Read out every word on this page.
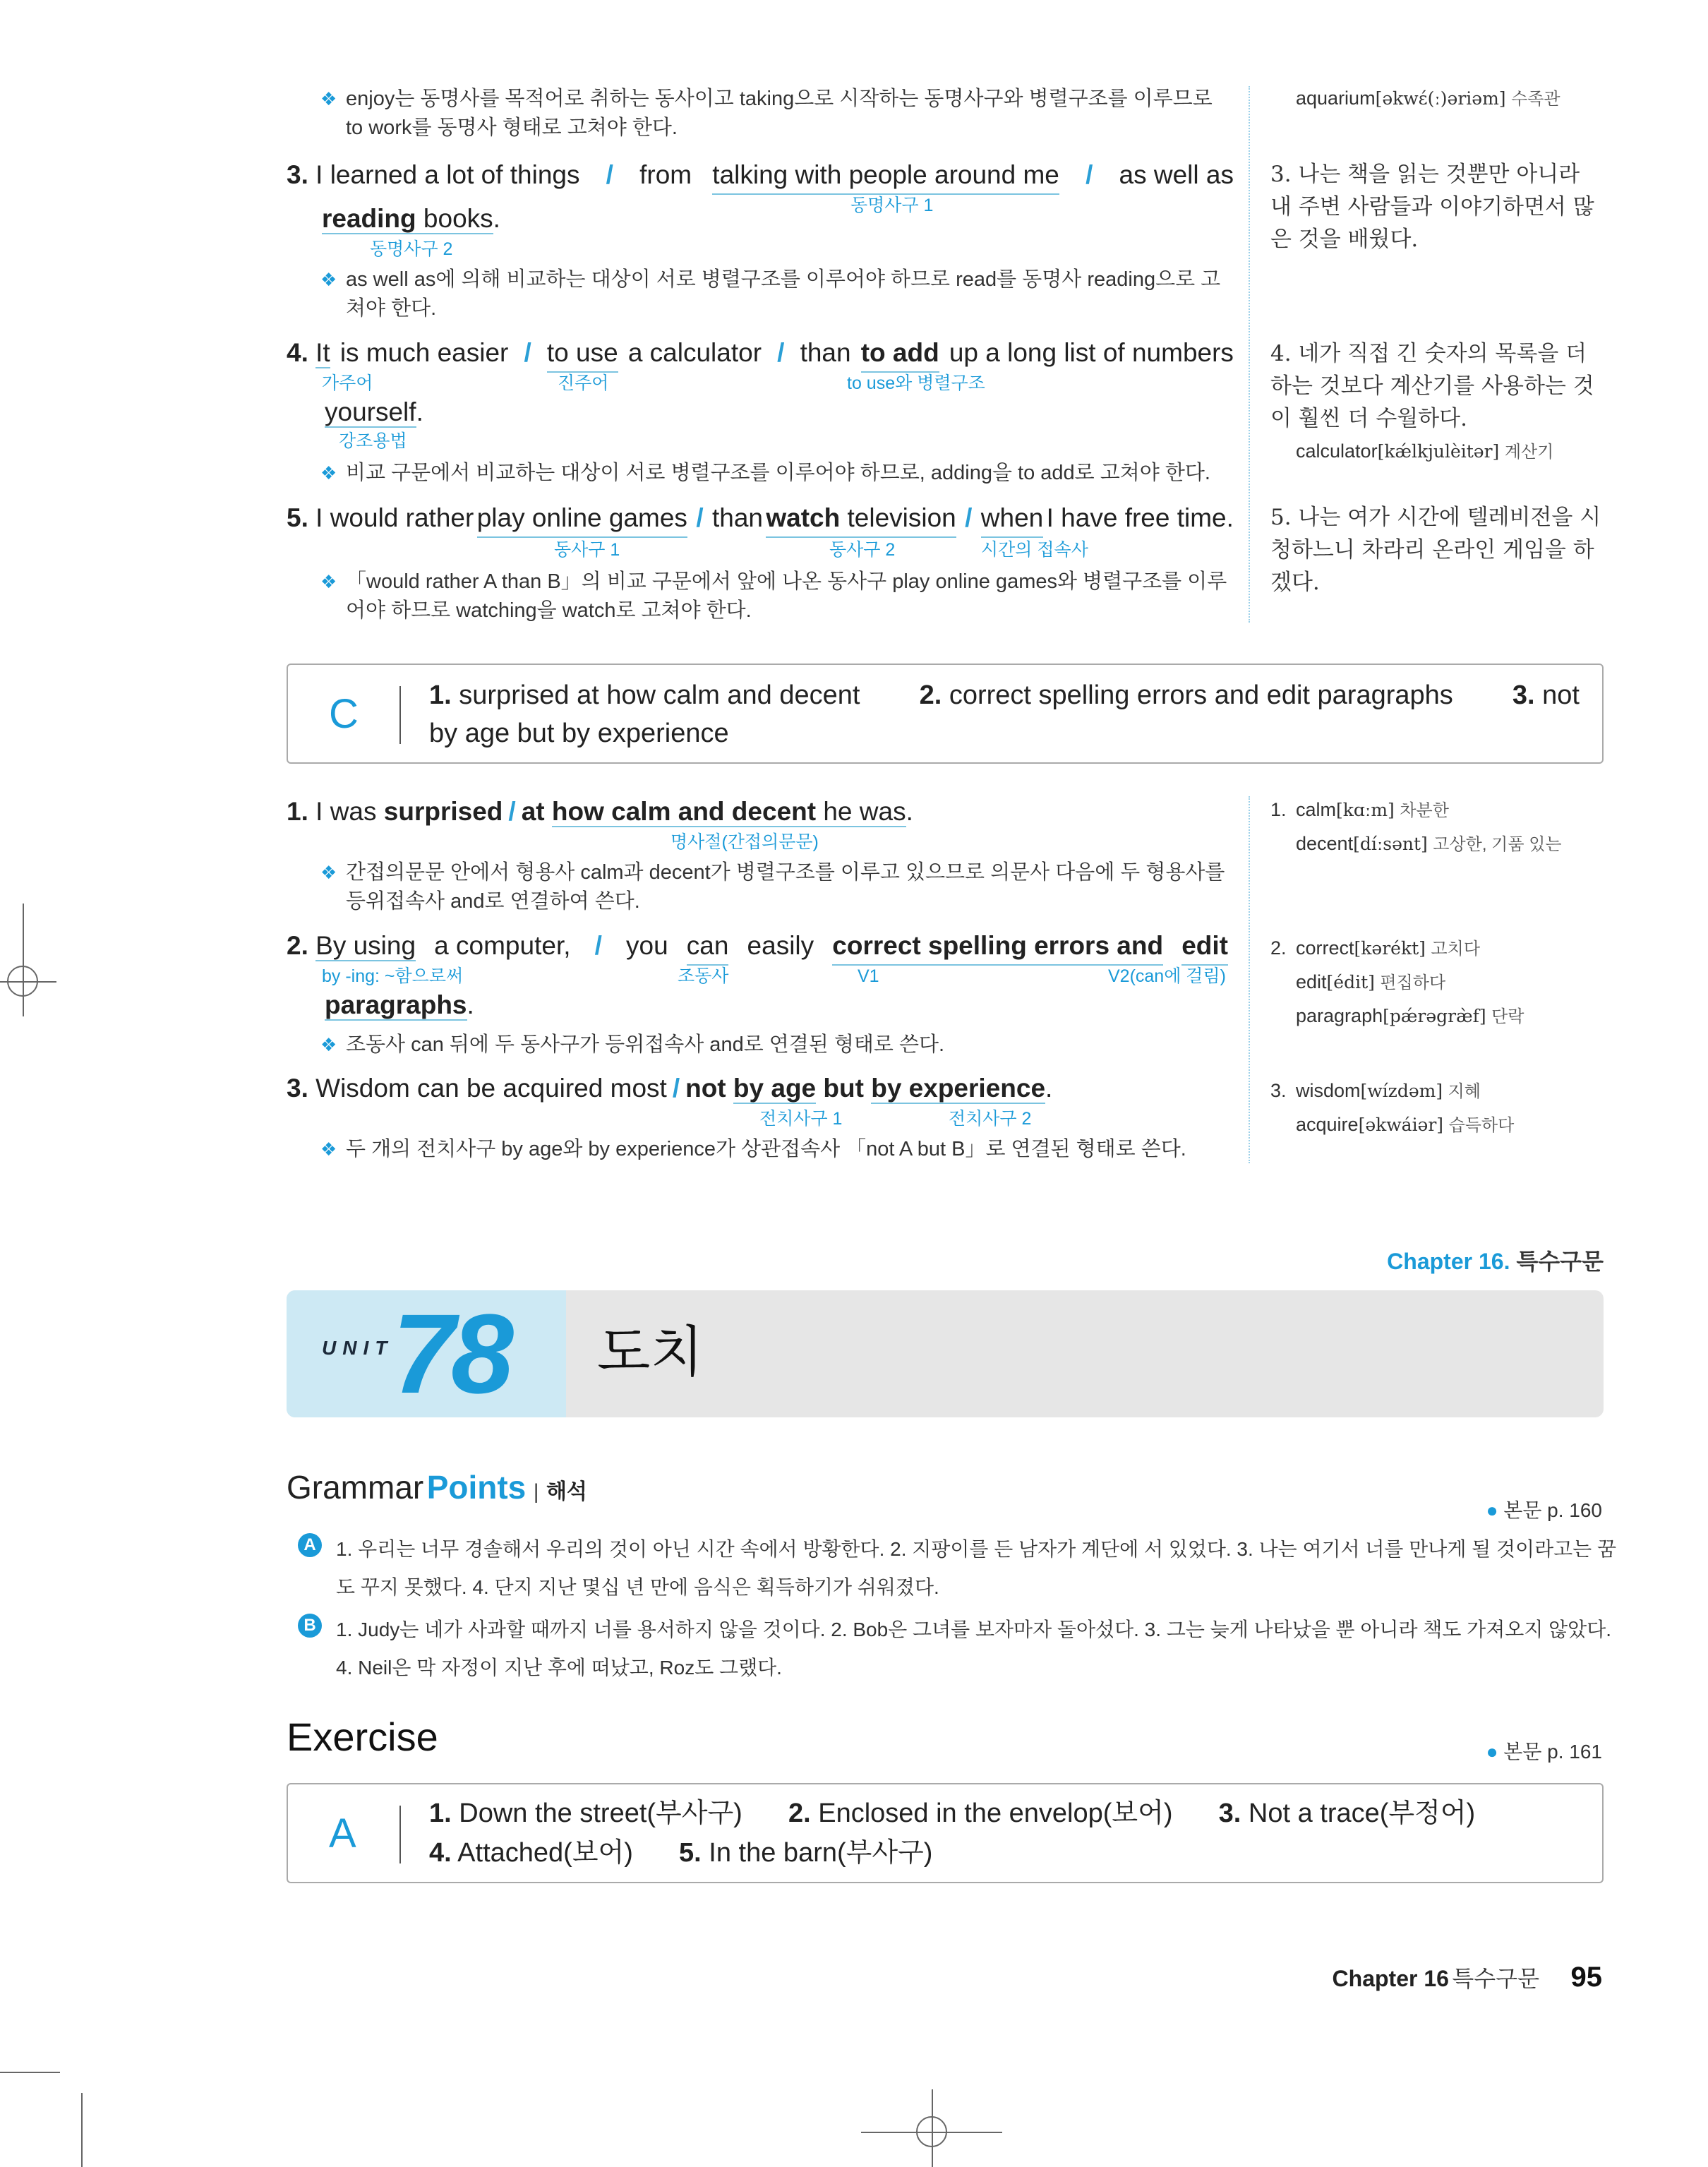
❖ enjoy는 동명사를 목적어로 취하는 동사이고 taking으로 시작하는 동명사구와 병렬구조를 이루므로 to work를 동명사 형태로 고쳐야 한다.
aquarium[əkwɛ́(ː)əriəm] 수족관
3. I learned a lot of things / from talking with people around me / as well as
동명사구 1
reading books.
동명사구 2
❖ as well as에 의해 비교하는 대상이 서로 병렬구조를 이루어야 하므로 read를 동명사 reading으로 고쳐야 한다.
3. 나는 책을 읽는 것뿐만 아니라 내 주변 사람들과 이야기하면서 많은 것을 배웠다.
4. It is much easier / to use a calculator / than to add up a long list of numbers
가주어	진주어	to use와 병렬구조
yourself.
강조용법
❖ 비교 구문에서 비교하는 대상이 서로 병렬구조를 이루어야 하므로, adding을 to add로 고쳐야 한다.
4. 네가 직접 긴 숫자의 목록을 더하는 것보다 계산기를 사용하는 것이 훨씬 더 수월하다.
calculator[kǽlkjulèitər] 계산기
5. I would rather play online games / than watch television / when I have free time.
동사구 1	동사구 2	시간의 접속사
❖ 「would rather A than B」의 비교 구문에서 앞에 나온 동사구 play online games와 병렬구조를 이루어야 하므로 watching을 watch로 고쳐야 한다.
5. 나는 여가 시간에 텔레비전을 시청하느니 차라리 온라인 게임을 하겠다.
C	1. surprised at how calm and decent 2. correct spelling errors and edit paragraphs 3. not
by age but by experience
1. I was surprised / at how calm and decent he was.
명사절(간접의문문)
❖ 간접의문문 안에서 형용사 calm과 decent가 병렬구조를 이루고 있으므로 의문사 다음에 두 형용사를 등위접속사 and로 연결하여 쓴다.
1. calm[kɑːm] 차분한
decent[díːsənt] 고상한, 기품 있는
2. By using a computer, / you can easily correct spelling errors and edit
by -ing: ~함으로써	조동사	V1	V2(can에 걸림)
paragraphs.
❖ 조동사 can 뒤에 두 동사구가 등위접속사 and로 연결된 형태로 쓴다.
2. correct[kərékt] 고치다
edit[édit] 편집하다
paragraph[pǽrəgræ̀f] 단락
3. Wisdom can be acquired most / not by age but by experience.
전치사구 1	전치사구 2
❖ 두 개의 전치사구 by age와 by experience가 상관접속사 「not A but B」로 연결된 형태로 쓴다.
3. wisdom[wízdəm] 지혜
acquire[əkwáiər] 습득하다
Chapter 16. 특수구문
UNIT
78 도치
Grammar Points | 해석
● 본문 p. 160
A 1. 우리는 너무 경솔해서 우리의 것이 아닌 시간 속에서 방황한다. 2. 지팡이를 든 남자가 계단에 서 있었다. 3. 나는 여기서 너를 만나게 될 것이라고는 꿈
도 꾸지 못했다. 4. 단지 지난 몇십 년 만에 음식은 획득하기가 쉬워졌다.
B 1. Judy는 네가 사과할 때까지 너를 용서하지 않을 것이다. 2. Bob은 그녀를 보자마자 돌아섰다. 3. 그는 늦게 나타났을 뿐 아니라 책도 가져오지 않았다.
4. Neil은 막 자정이 지난 후에 떠났고, Roz도 그랬다.
Exercise	● 본문 p. 161
A	1. Down the street(부사구) 2. Enclosed in the envelop(보어) 3. Not a trace(부정어)
4. Attached(보어) 5. In the barn(부사구)
Chapter 16 특수구문 95
